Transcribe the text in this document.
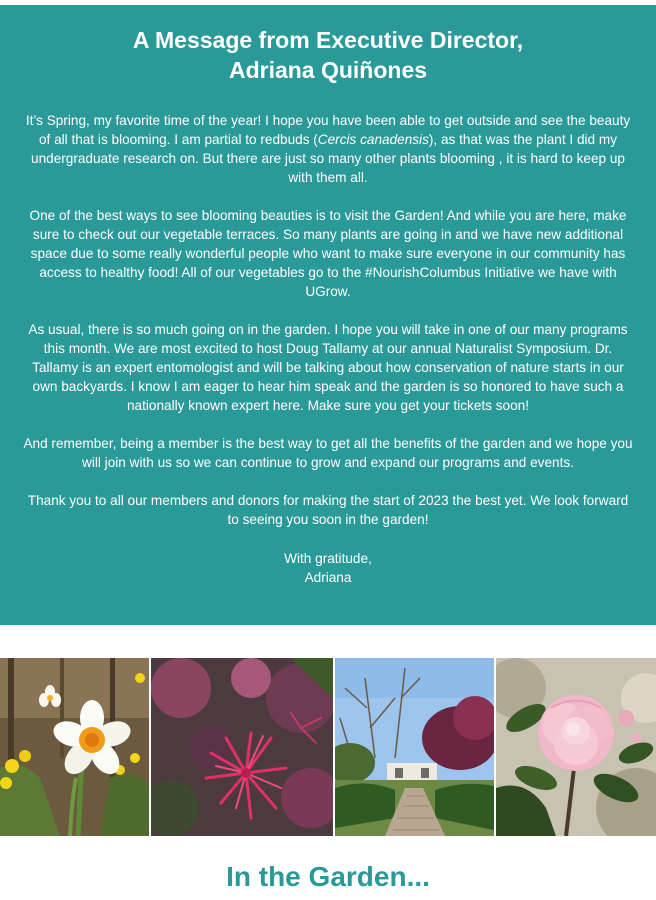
A Message from Executive Director,
Adriana Quiñones

It’s Spring, my favorite time of the year! I hope you have been able to get outside and see the beauty of all that is blooming. I am partial to redbuds (Cercis canadensis), as that was the plant I did my undergraduate research on. But there are just so many other plants blooming , it is hard to keep up with them all.

One of the best ways to see blooming beauties is to visit the Garden! And while you are here, make sure to check out our vegetable terraces. So many plants are going in and we have new additional space due to some really wonderful people who want to make sure everyone in our community has access to healthy food! All of our vegetables go to the #NourishColumbus Initiative we have with UGrow.

As usual, there is so much going on in the garden. I hope you will take in one of our many programs this month. We are most excited to host Doug Tallamy at our annual Naturalist Symposium. Dr. Tallamy is an expert entomologist and will be talking about how conservation of nature starts in our own backyards. I know I am eager to hear him speak and the garden is so honored to have such a nationally known expert here. Make sure you get your tickets soon!

And remember, being a member is the best way to get all the benefits of the garden and we hope you will join with us so we can continue to grow and expand our programs and events.

Thank you to all our members and donors for making the start of 2023 the best yet. We look forward to seeing you soon in the garden!

With gratitude,
Adriana

In the Garden...
